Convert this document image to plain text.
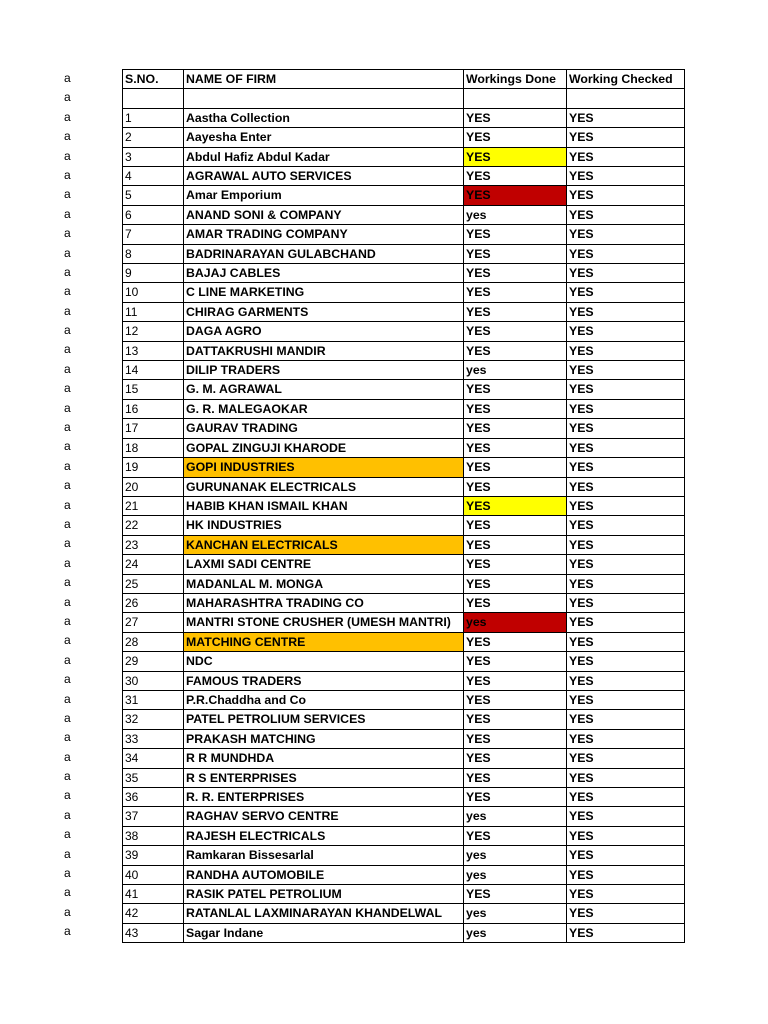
a
a
a
a
a
a
a
a
a
a
a
a
a
a
a
a
a
a
a
a
a
a
a
a
a
a
a
a
a
a
a
a
a
a
a
a
a
a
a
a
a
a
a
a
a
S.NO.	NAME OF FIRM	Workings Done	Working Checked

1	Aastha Collection	YES	YES
2	Aayesha Enter	YES	YES
3	Abdul Hafiz Abdul Kadar	YES	YES
4	AGRAWAL AUTO SERVICES	YES	YES
5	Amar Emporium	YES	YES
6	ANAND SONI & COMPANY	yes	YES
7	AMAR TRADING COMPANY	YES	YES
8	BADRINARAYAN GULABCHAND	YES	YES
9	BAJAJ CABLES	YES	YES
10	C LINE MARKETING	YES	YES
11	CHIRAG GARMENTS	YES	YES
12	DAGA AGRO	YES	YES
13	DATTAKRUSHI MANDIR	YES	YES
14	DILIP TRADERS	yes	YES
15	G. M. AGRAWAL	YES	YES
16	G. R. MALEGAOKAR	YES	YES
17	GAURAV TRADING	YES	YES
18	GOPAL ZINGUJI KHARODE	YES	YES
19	GOPI INDUSTRIES	YES	YES
20	GURUNANAK ELECTRICALS	YES	YES
21	HABIB KHAN ISMAIL KHAN	YES	YES
22	HK INDUSTRIES	YES	YES
23	KANCHAN ELECTRICALS	YES	YES
24	LAXMI SADI CENTRE	YES	YES
25	MADANLAL M. MONGA	YES	YES
26	MAHARASHTRA TRADING CO	YES	YES
27	MANTRI STONE CRUSHER (UMESH MANTRI)	yes	YES
28	MATCHING CENTRE	YES	YES
29	NDC	YES	YES
30	FAMOUS TRADERS	YES	YES
31	P.R.Chaddha and Co	YES	YES
32	PATEL PETROLIUM SERVICES	YES	YES
33	PRAKASH MATCHING	YES	YES
34	R R MUNDHDA	YES	YES
35	R S ENTERPRISES	YES	YES
36	R. R. ENTERPRISES	YES	YES
37	RAGHAV SERVO CENTRE	yes	YES
38	RAJESH ELECTRICALS	YES	YES
39	Ramkaran Bissesarlal	yes	YES
40	RANDHA AUTOMOBILE	yes	YES
41	RASIK PATEL PETROLIUM	YES	YES
42	RATANLAL LAXMINARAYAN KHANDELWAL	yes	YES
43	Sagar Indane	yes	YES
